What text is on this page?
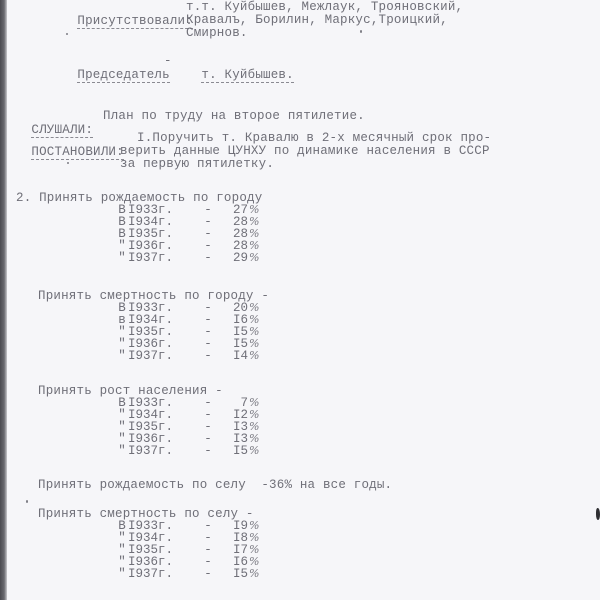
Присутствовали:

т.т. Куйбышев, Межлаук, Трояновский,
Кравалъ, Борилин, Маркус,Троицкий,
Смирнов.

Председатель

-

т. Куйбышев.

СЛУШАЛИ:

План по труду на второе пятилетие.

ПОСТАНОВИЛИ:

I.Поручить т. Кравалю в 2-х месячный срок про-
верить данные ЦУНХУ по динамике населения в СССР
за первую пятилетку.
2. Принять рождаемость по городу
В I933г. - 27%
В I934г. - 28%
В I935г. - 28%
" I936г. - 28%
" I937г. - 29%
Принять смертность по городу -
В I933г. - 20%
в I934г. - I6%
" I935г. - I5%
" I936г. - I5%
" I937г. - I4%
Принять рост населения -
В I933г. - 7%
" I934г. - I2%
" I935г. - I3%
" I936г. - I3%
" I937г. - I5%
Принять рождаемость по селу  -36% на все годы.
Принять смертность по селу -
В I933г. - I9%
" I934г. - I8%
" I935г. - I7%
" I936г. - I6%
" I937г. - I5%
